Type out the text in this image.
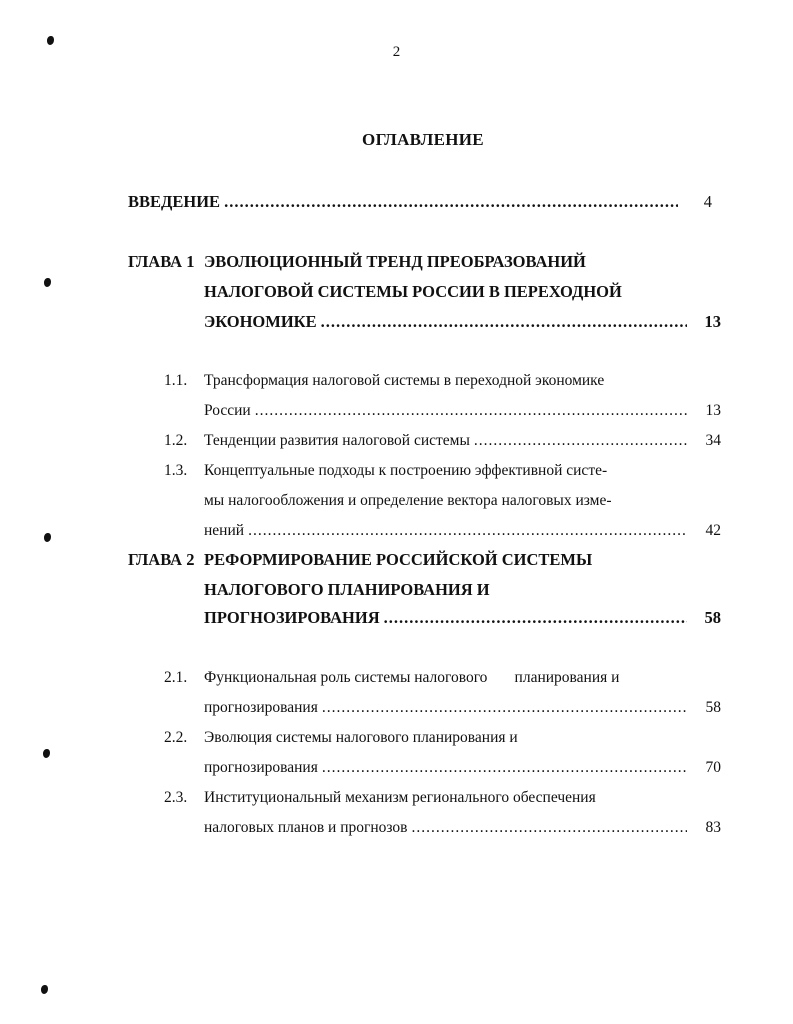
2
ОГЛАВЛЕНИЕ
ВВЕДЕНИЕ .....	4
ГЛАВА 1 ЭВОЛЮЦИОННЫЙ ТРЕНД ПРЕОБРАЗОВАНИЙ
НАЛОГОВОЙ СИСТЕМЫ РОССИИ В ПЕРЕХОДНОЙ
ЭКОНОМИКЕ .....	13
1.1. Трансформация налоговой системы в переходной экономике
России .....	13
1.2. Тенденции развития налоговой системы .....	34
1.3. Концептуальные подходы к построению эффективной систе-
мы налогообложения и определение вектора налоговых изме-
нений .....	42
ГЛАВА 2 РЕФОРМИРОВАНИЕ РОССИЙСКОЙ СИСТЕМЫ
НАЛОГОВОГО ПЛАНИРОВАНИЯ И
ПРОГНОЗИРОВАНИЯ .....	58
2.1. Функциональная роль системы налогового       планирования и
прогнозирования .....	58
2.2. Эволюция системы налогового планирования и
прогнозирования .....	70
2.3. Институциональный механизм регионального обеспечения
налоговых планов и прогнозов .....	83
